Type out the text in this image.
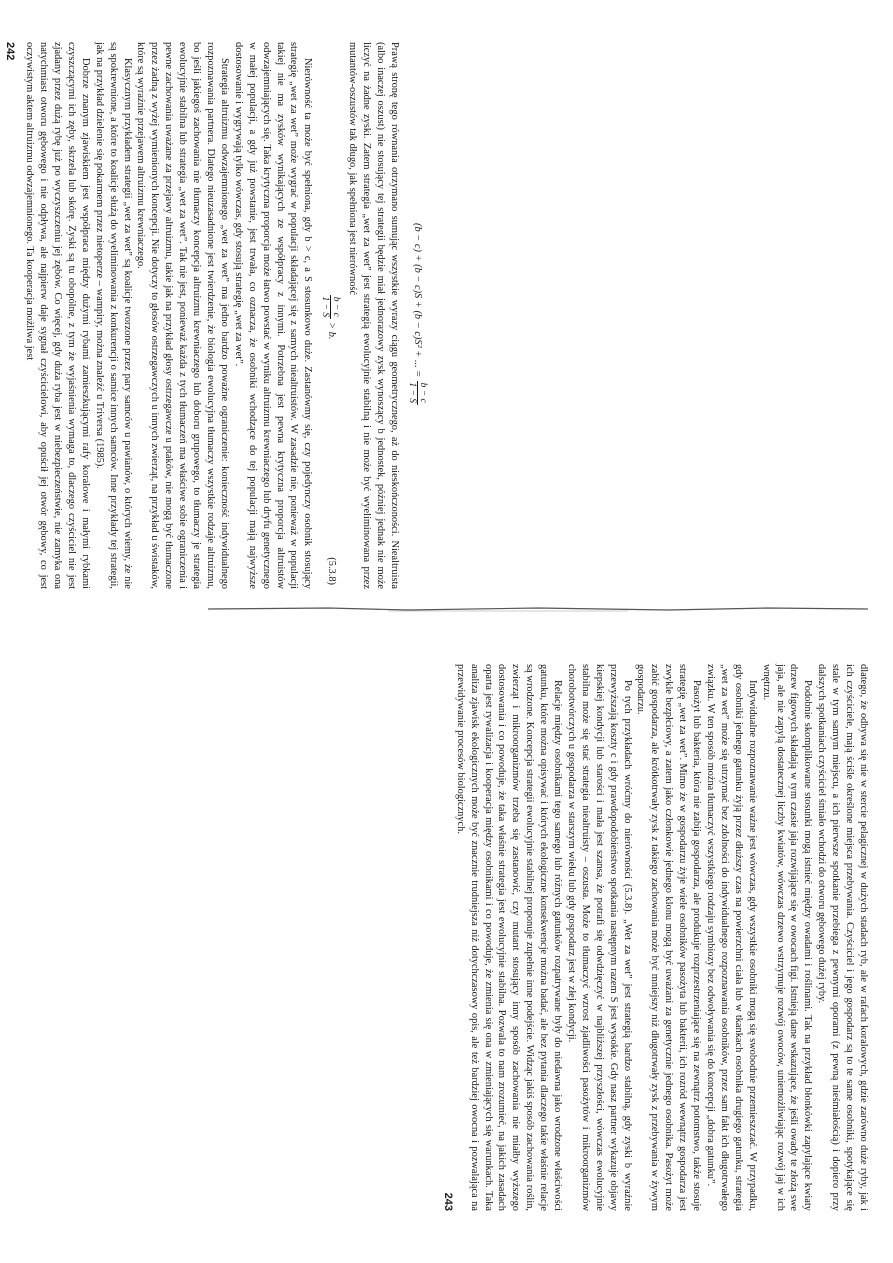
(b − c) + (b − c)S + (b − c)S² + ... =
b − c
1 − S

Prawą stronę tego równania otrzymano sumując wszystkie wyrazy ciągu geometrycznego, aż do nieskończoności. Niealtruista (albo inaczej oszust) nie stosujący tej strategii będzie miał jednorazowy zysk wynoszący b jednostek, później jednak nie może liczyć na żadne zyski. Zatem strategia „wet za wet” jest strategią ewolucyjnie stabilną i nie może być wyeliminowana przez mutantów-oszustów tak długo, jak spełniona jest nierówność

b − c
1 − S
> b.
(5.3.8)

Nierówność ta może być spełniona, gdy b > c, a S stosunkowo duże. Zastanówmy się, czy pojedynczy osobnik stosujący strategię „wet za wet” może wygrać w populacji składającej się z samych niealtruistów. W zasadzie nie, ponieważ w populacji takiej nie ma zysków wynikających ze współpracy z innymi. Potrzebna jest pewna krytyczna proporcja altruistów odwzajemniających się. Taka krytyczna proporcja może łatwo powstać w wyniku altruizmu krewniaczego lub dryfu genetycznego w małej populacji, a gdy już powstanie, jest trwała, co oznacza, że osobniki wchodzące do tej populacji mają najwyższe dostosowanie i wygrywają tylko wówczas, gdy stosują strategię „wet za wet”.

Strategia altruizmu odwzajemnionego „wet za wet” ma jedno bardzo poważne ograniczenie: konieczność indywidualnego rozpoznawania partnera. Dlatego nieuzasadnione jest twierdzenie, że biologia ewolucyjna tłumaczy wszystkie rodzaje altruizmu, bo jeśli jakiegoś zachowania nie tłumaczy koncepcja altruizmu krewniaczego lub doboru grupowego, to tłumaczy je strategia ewolucyjnie stabilna lub strategia „wet za wet”. Tak nie jest, ponieważ każda z tych tłumaczeń ma właściwe sobie ograniczenia i pewne zachowania uważane za przejawy altruizmu, takie jak na przykład głosy ostrzegawcze u ptaków, nie mogą być tłumaczone przez żadną z wyżej wymienionych koncepcji. Nie dotyczy to głosów ostrzegawczych u innych zwierząt, na przykład u świstaków, które są wyraźnie przejawem altruizmu krewniaczego.

Klasycznym przykładem strategii „wet za wet” są koalicje tworzone przez pary samców u pawianów, o których wiemy, że nie są spokrewnione, a które to koalicje służą do wyeliminowania z konkurencji o samice innych samców. Inne przykłady tej strategii, jak na przykład dzielenie się pokarmem przez nietoperze – wampiry, można znaleźć u Triversa (1985).

Dobrze znanym zjawiskiem jest współpraca między dużymi rybami zamieszkującymi rafy koralowe i małymi rybkami czyszczącymi ich zęby, skrzela lub skórę. Zyski są tu obopólne, z tym że wyjaśnienia wymaga to, dlaczego czyściciel nie jest zjadany przez dużą rybę już po wyczyszczeniu jej zębów. Co więcej, gdy duża ryba jest w niebezpieczeństwie, nie zamyka ona natychmiast otworu gębowego i nie odpływa, ale najpierw daje sygnał czyścicielowi, aby opuścił jej otwór gębowy, co jest oczywistym aktem altruizmu odwzajemnionego. Ta kooperacja możliwa jest

242

dlatego, że odbywa się nie w stercie pelagicznej w dużych stadach ryb, ale w rafach koralowych, gdzie zarówno duże ryby, jak i ich czyściciele, mają ściśle określone miejsca przebywania. Czyściciel i jego gospodarz są to te same osobniki, spotykające się stale w tym samym miejscu, a ich pierwsze spotkanie przebiega z pewnymi oporami (z pewną nieśmiałością) i dopiero przy dalszych spotkaniach czyściciel śmiało wchodzi do otworu gębowego dużej ryby.

Podobnie skomplikowane stosunki mogą istnieć między owadami i roślinami. Tak na przykład błonkówki zapylające kwiaty drzew figowych składają w tym czasie jaja rozwijające się w owocach figi. Istnieją dane wskazujące, że jeśli owady te złożą swe jaja, ale nie zapylą dostatecznej liczby kwiatów, wówczas drzewo wstrzymuje rozwój owoców, uniemożliwiając rozwój jaj w ich wnętrzu.

Indywidualne rozpoznawanie ważne jest wówczas, gdy wszystkie osobniki mogą się swobodnie przemieszczać. W przypadku, gdy osobniki jednego gatunku żyją przez dłuższy czas na powierzchni ciała lub w tkankach osobnika drugiego gatunku, strategia „wet za wet” może się utrzymać bez zdolności do indywidualnego rozpoznawania osobników, przez sam fakt ich długotrwałego związku. W ten sposób można tłumaczyć wszystkiego rodzaju symbiozy bez odwoływania się do koncepcji „dobra gatunku”.

Pasożyt lub bakteria, która nie zabija gospodarza, ale produkuje rozprzestrzeniające się na zewnątrz potomstwo, także stosuje strategię „wet za wet”. Mimo że w gospodarzu żyje wiele osobników pasożyta lub bakterii, ich rozród wewnątrz gospodarza jest zwykle bezpłciowy, a zatem jako członkowie jednego klonu mogą być uważani za genetycznie jednego osobnika. Pasożyt może zabić gospodarza, ale krótkotrwały zysk z takiego zachowania może być mniejszy niż długotrwały zysk z przebywania w żywym gospodarzu.

Po tych przykładach wróćmy do nierówności (5.3.8). „Wet za wet” jest strategią bardzo stabilną, gdy zyski b wyraźnie przewyższają koszty c i gdy prawdopodobieństwo spotkania następnym razem S jest wysokie. Gdy nasz partner wykazuje objawy kiepskiej kondycji lub starości i mała jest szansa, że potrafi się odwdzięczyć w najbliższej przyszłości, wówczas ewolucyjnie stabilna może się stać strategia niealtruisty – oszusta. Może to tłumaczyć wzrost zjadliwości pasożytów i mikroorganizmów chorobotwórczych u gospodarza w starszym wieku lub gdy gospodarz jest w złej kondycji.

Relacje między osobnikami tego samego lub różnych gatunków rozpatrywane były do niedawna jako wrodzone właściwości gatunku, które można opisywać i których ekologiczne konsekwencje można badać, ale bez pytania dlaczego takie właśnie relacje są wrodzone. Koncepcja strategii ewolucyjnie stabilnej proponuje zupełnie inne podejście. Widząc jakiś sposób zachowania roślin, zwierząt i mikroorganizmów trzeba się zastanowić, czy mutant stosujący inny sposób zachowania nie miałby wyższego dostosowania i co powoduje, że taka właśnie strategia jest ewolucyjnie stabilna. Pozwala to nam zrozumieć, na jakich zasadach oparta jest rywalizacja i kooperacja między osobnikami i co powoduje, że zmienia się ona w zmieniających się warunkach. Taka analiza zjawisk ekologicznych może być znacznie trudniejsza niż dotychczasowy opis, ale też bardziej owocna i pozwalająca na przewidywanie procesów biologicznych.

243
